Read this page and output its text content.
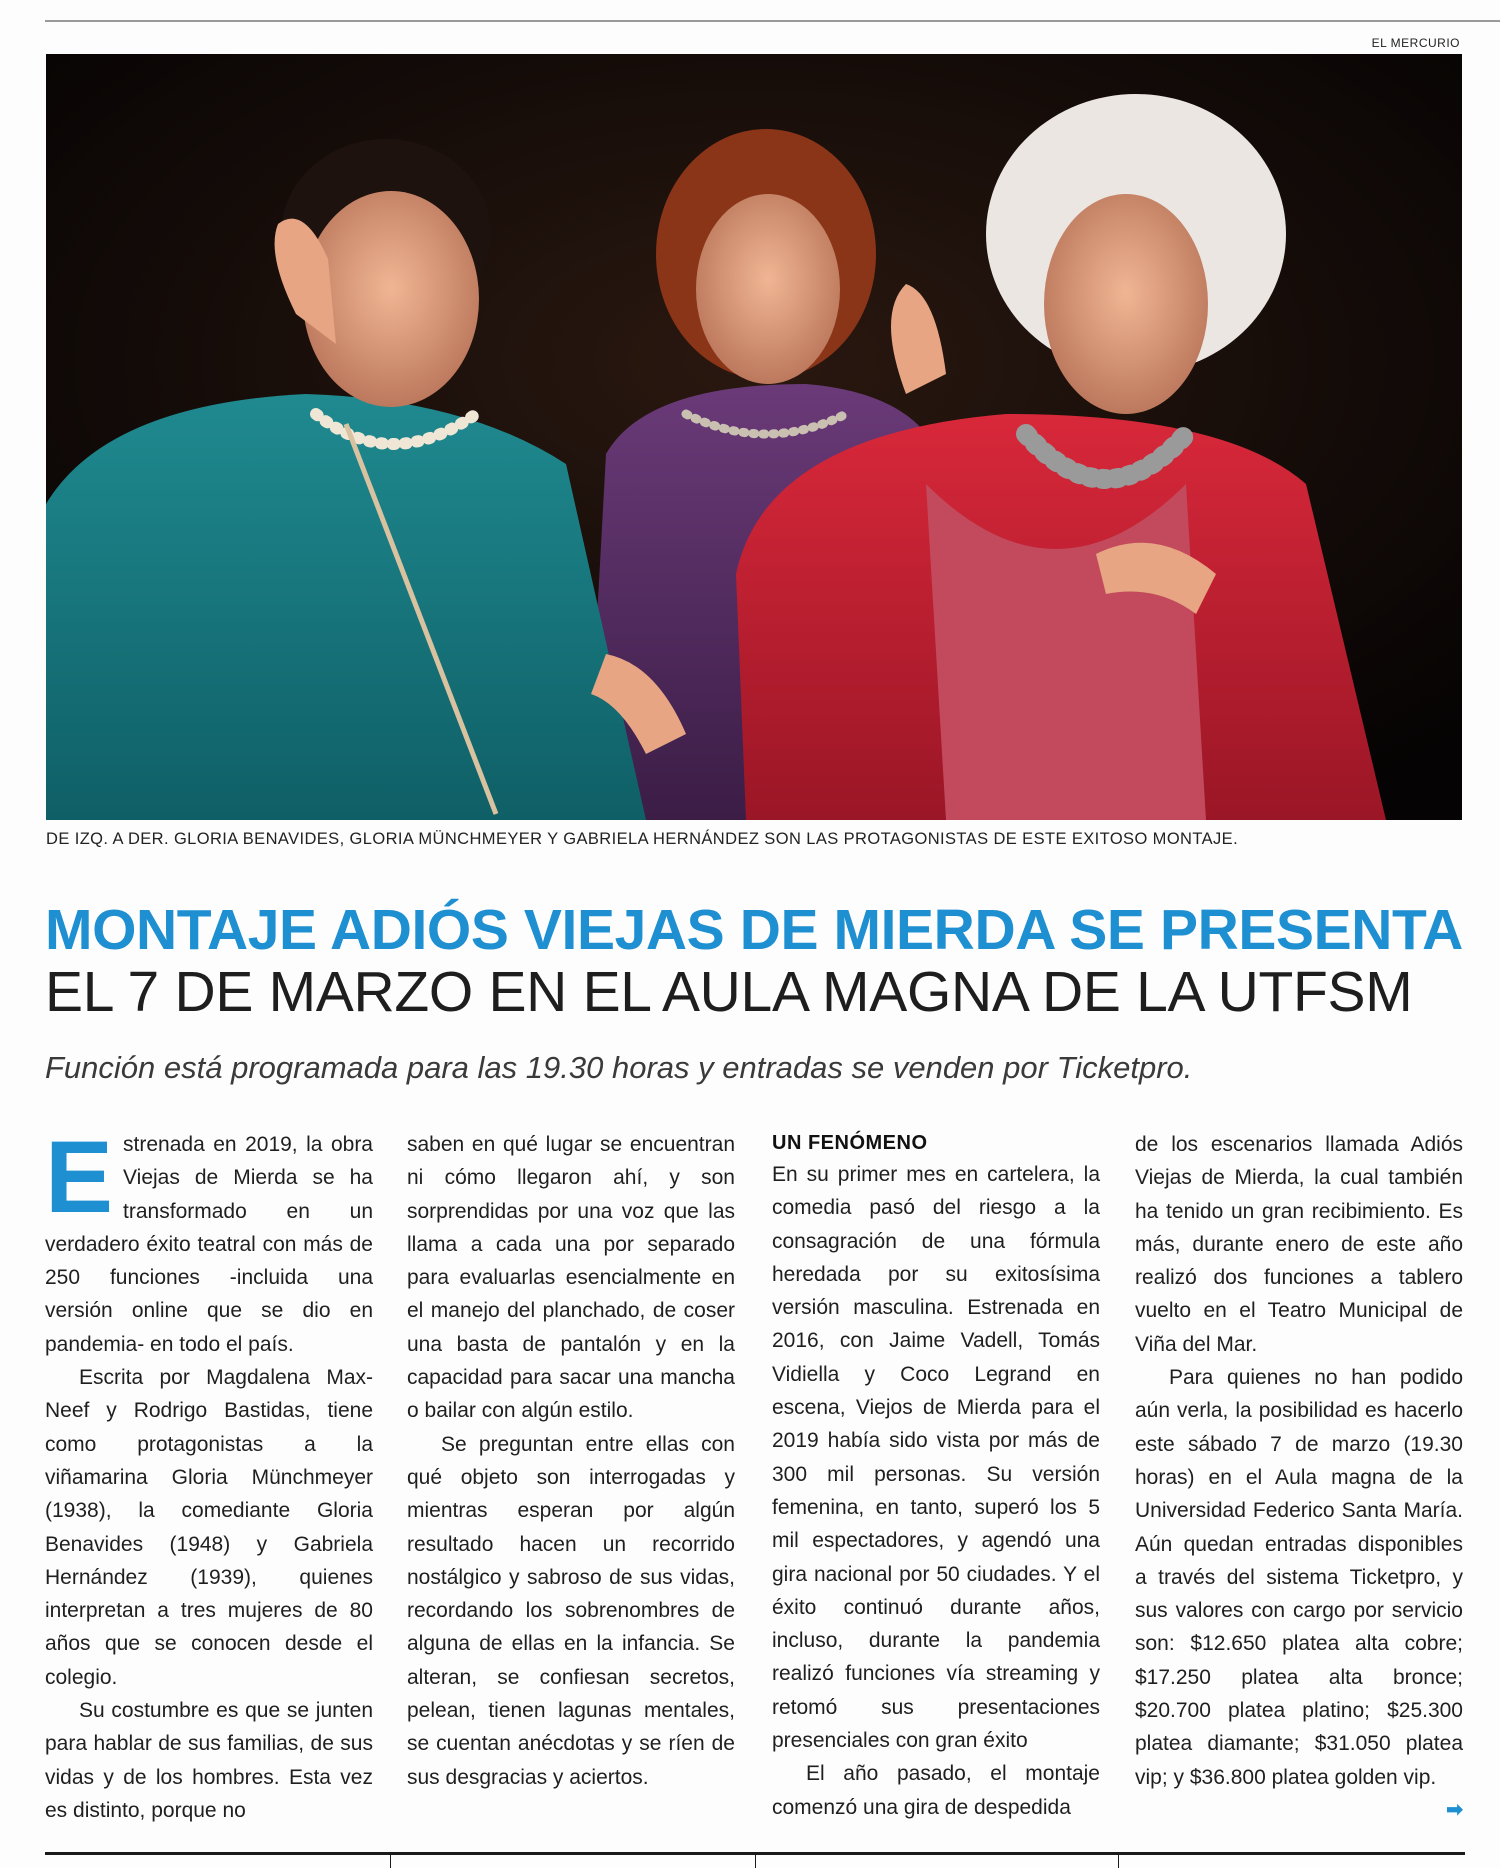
EL MERCURIO
DE IZQ. A DER. GLORIA BENAVIDES, GLORIA MÜNCHMEYER Y GABRIELA HERNÁNDEZ SON LAS PROTAGONISTAS DE ESTE EXITOSO MONTAJE.
MONTAJE ADIÓS VIEJAS DE MIERDA SE PRESENTA
EL 7 DE MARZO EN EL AULA MAGNA DE LA UTFSM
Función está programada para las 19.30 horas y entradas se venden por Ticketpro.

Estrenada en 2019, la obra Viejas de Mierda se ha transformado en un verdadero éxito teatral con más de 250 funciones -incluida una versión online que se dio en pandemia- en todo el país.

Escrita por Magdalena Max-Neef y Rodrigo Bastidas, tiene como protagonistas a la viñamarina Gloria Münchmeyer (1938), la comediante Gloria Benavides (1948) y Gabriela Hernández (1939), quienes interpretan a tres mujeres de 80 años que se conocen desde el colegio.

Su costumbre es que se junten para hablar de sus familias, de sus vidas y de los hombres. Esta vez es distinto, porque no

saben en qué lugar se encuentran ni cómo llegaron ahí, y son sorprendidas por una voz que las llama a cada una por separado para evaluarlas esencialmente en el manejo del planchado, de coser una basta de pantalón y en la capacidad para sacar una mancha o bailar con algún estilo.

Se preguntan entre ellas con qué objeto son interrogadas y mientras esperan por algún resultado hacen un recorrido nostálgico y sabroso de sus vidas, recordando los sobrenombres de alguna de ellas en la infancia. Se alteran, se confiesan secretos, pelean, tienen lagunas mentales, se cuentan anécdotas y se ríen de sus desgracias y aciertos.

UN FENÓMENO

En su primer mes en cartelera, la comedia pasó del riesgo a la consagración de una fórmula heredada por su exitosísima versión masculina. Estrenada en 2016, con Jaime Vadell, Tomás Vidiella y Coco Legrand en escena, Viejos de Mierda para el 2019 había sido vista por más de 300 mil personas. Su versión femenina, en tanto, superó los 5 mil espectadores, y agendó una gira nacional por 50 ciudades. Y el éxito continuó durante años, incluso, durante la pandemia realizó funciones vía streaming y retomó sus presentaciones presenciales con gran éxito

El año pasado, el montaje comenzó una gira de despedida

de los escenarios llamada Adiós Viejas de Mierda, la cual también ha tenido un gran recibimiento. Es más, durante enero de este año realizó dos funciones a tablero vuelto en el Teatro Municipal de Viña del Mar.

Para quienes no han podido aún verla, la posibilidad es hacerlo este sábado 7 de marzo (19.30 horas) en el Aula magna de la Universidad Federico Santa María. Aún quedan entradas disponibles a través del sistema Ticketpro, y sus valores con cargo por servicio son: $12.650 platea alta cobre; $17.250 platea alta bronce; $20.700 platea platino; $25.300 platea diamante; $31.050 platea vip; y $36.800 platea golden vip.
➡
